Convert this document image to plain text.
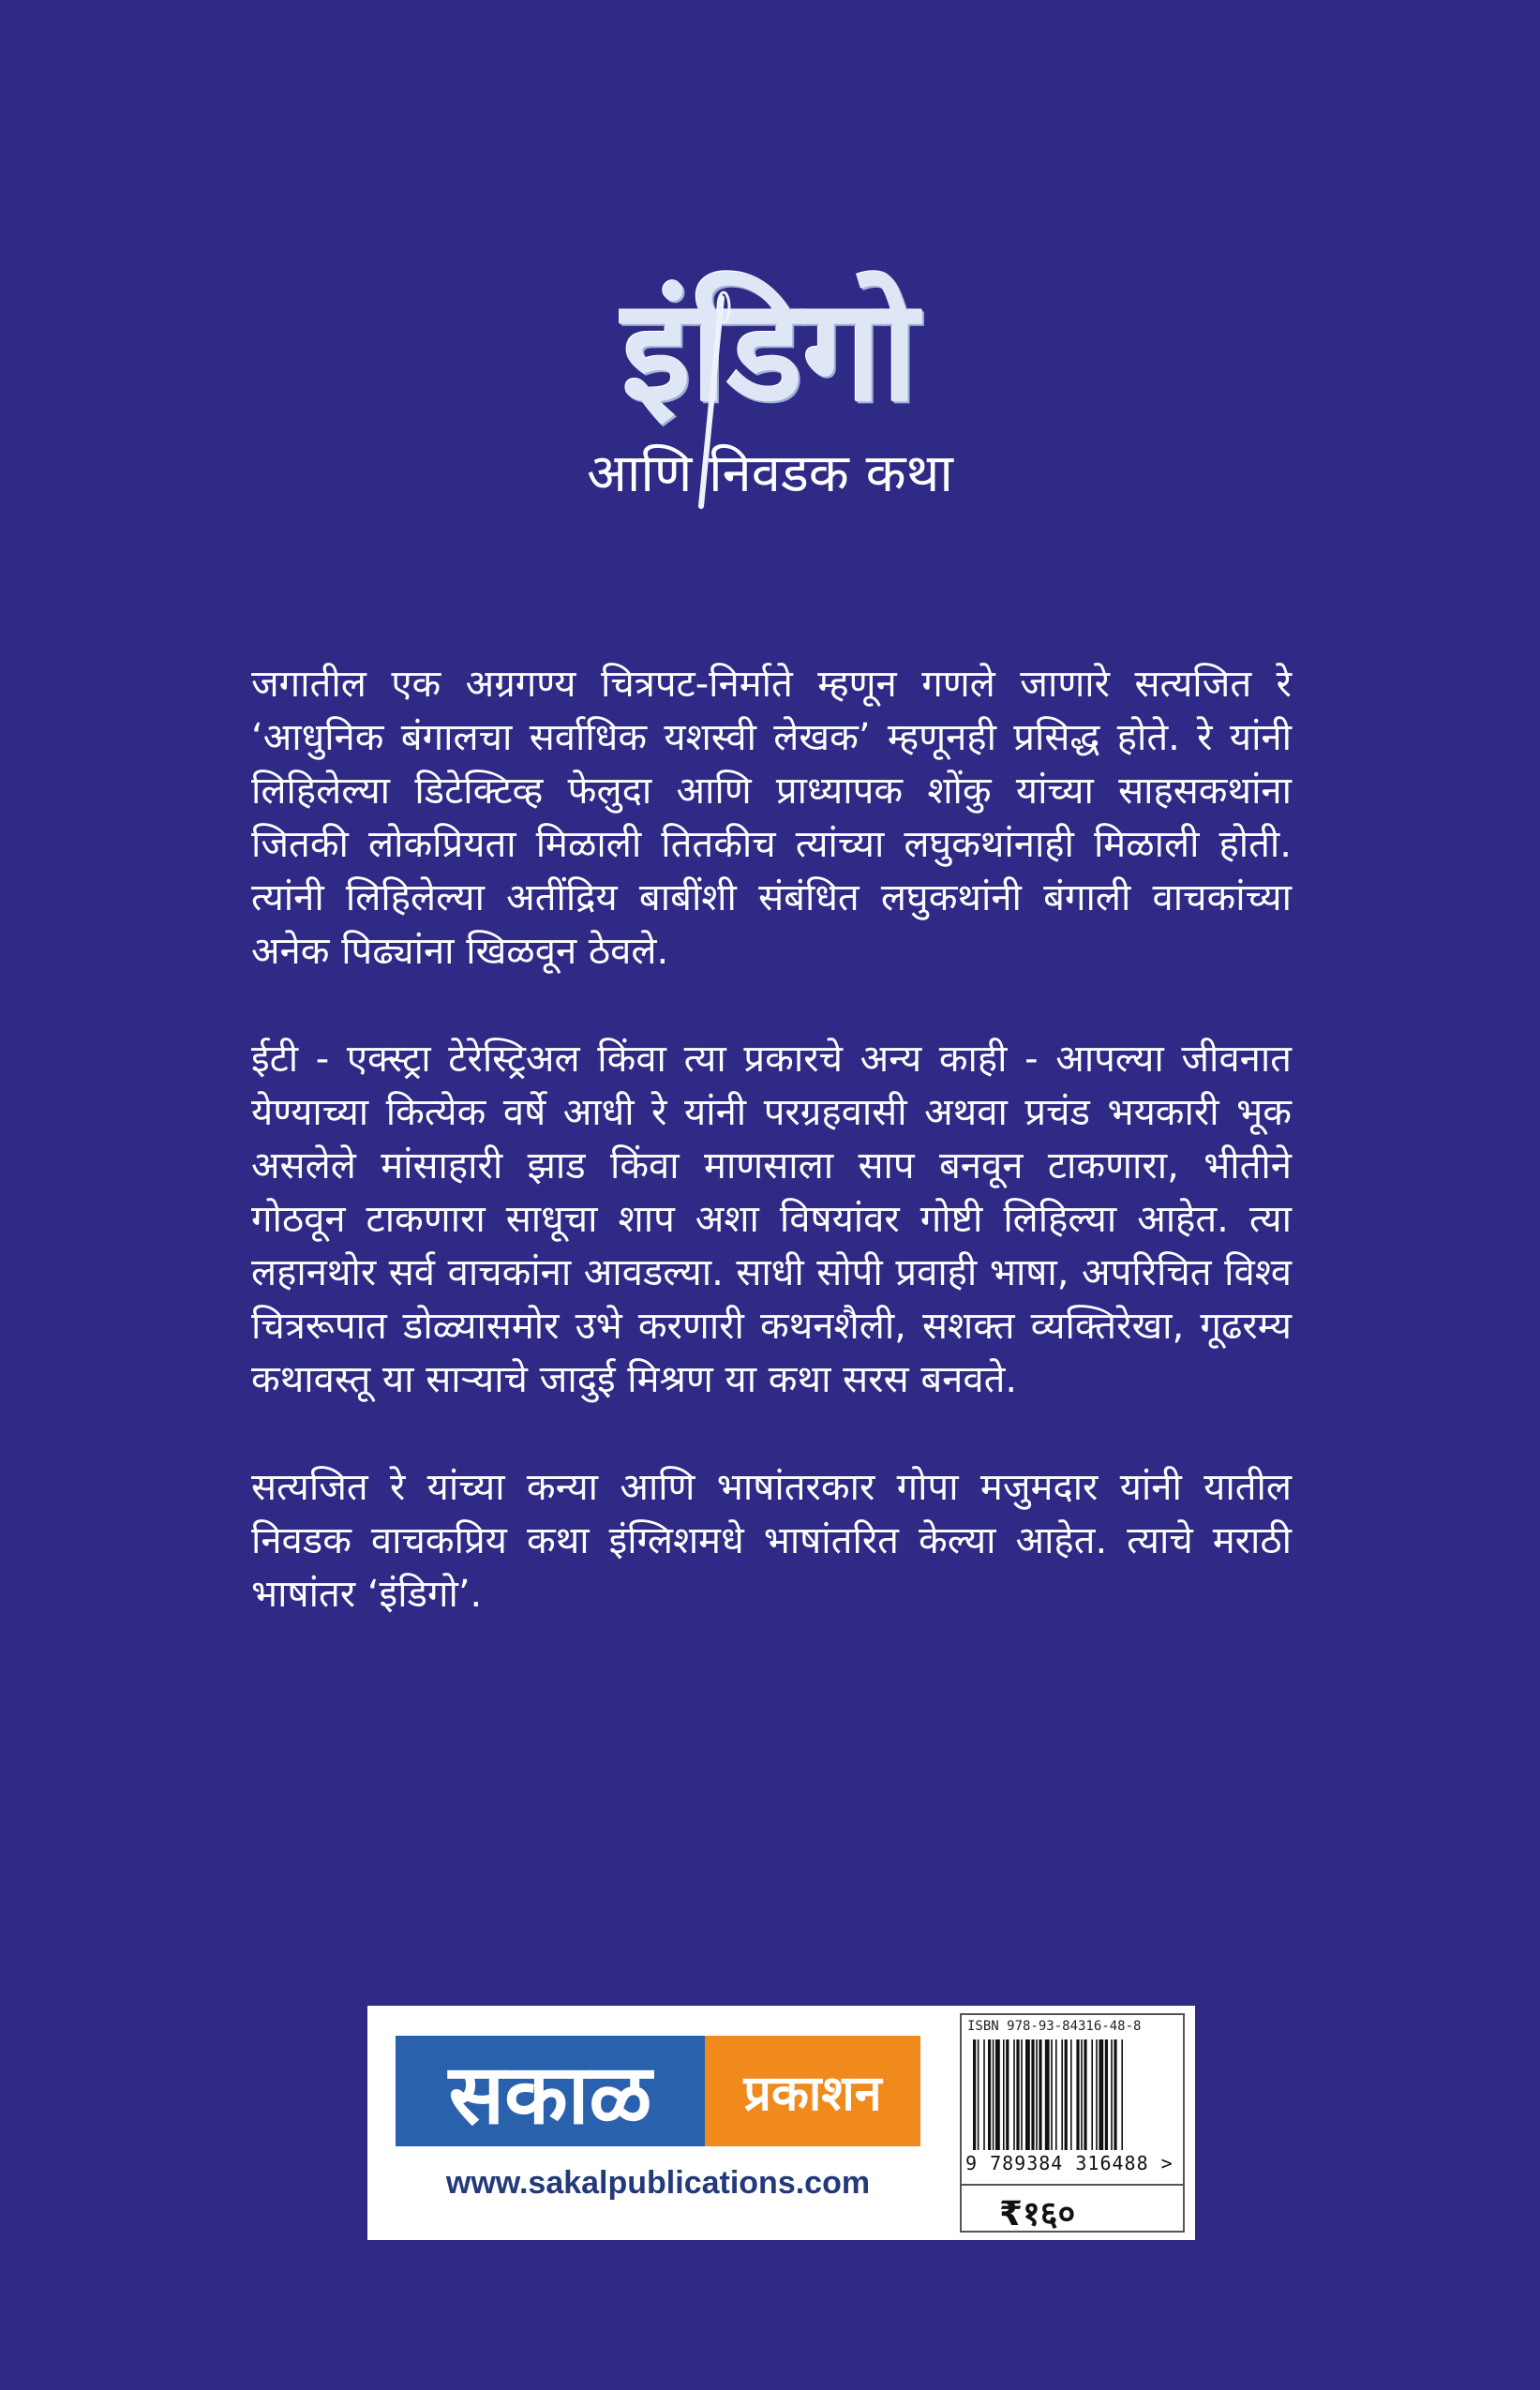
इंडिगो
आणि निवडक कथा

जगातील एक अग्रगण्य चित्रपट-निर्माते म्हणून गणले जाणारे सत्यजित रे ‘आधुनिक बंगालचा सर्वाधिक यशस्वी लेखक’ म्हणूनही प्रसिद्ध होते. रे यांनी लिहिलेल्या डिटेक्टिव्ह फेलुदा आणि प्राध्यापक शोंकु यांच्या साहसकथांना जितकी लोकप्रियता मिळाली तितकीच त्यांच्या लघुकथांनाही मिळाली होती. त्यांनी लिहिलेल्या अतींद्रिय बाबींशी संबंधित लघुकथांनी बंगाली वाचकांच्या अनेक पिढ्यांना खिळवून ठेवले.

ईटी - एक्स्ट्रा टेरेस्ट्रिअल किंवा त्या प्रकारचे अन्य काही - आपल्या जीवनात येण्याच्या कित्येक वर्षे आधी रे यांनी परग्रहवासी अथवा प्रचंड भयकारी भूक असलेले मांसाहारी झाड किंवा माणसाला साप बनवून टाकणारा, भीतीने गोठवून टाकणारा साधूचा शाप अशा विषयांवर गोष्टी लिहिल्या आहेत. त्या लहानथोर सर्व वाचकांना आवडल्या. साधी सोपी प्रवाही भाषा, अपरिचित विश्व चित्ररूपात डोळ्यासमोर उभे करणारी कथनशैली, सशक्त व्यक्तिरेखा, गूढरम्य कथावस्तू या साऱ्याचे जादुई मिश्रण या कथा सरस बनवते.

सत्यजित रे यांच्या कन्या आणि भाषांतरकार गोपा मजुमदार यांनी यातील निवडक वाचकप्रिय कथा इंग्लिशमधे भाषांतरित केल्या आहेत. त्याचे मराठी भाषांतर ‘इंडिगो’.

सकाळ	प्रकाशन
www.sakalpublications.com
ISBN 978-93-84316-48-8
9 789384 316488 >
₹१६०
